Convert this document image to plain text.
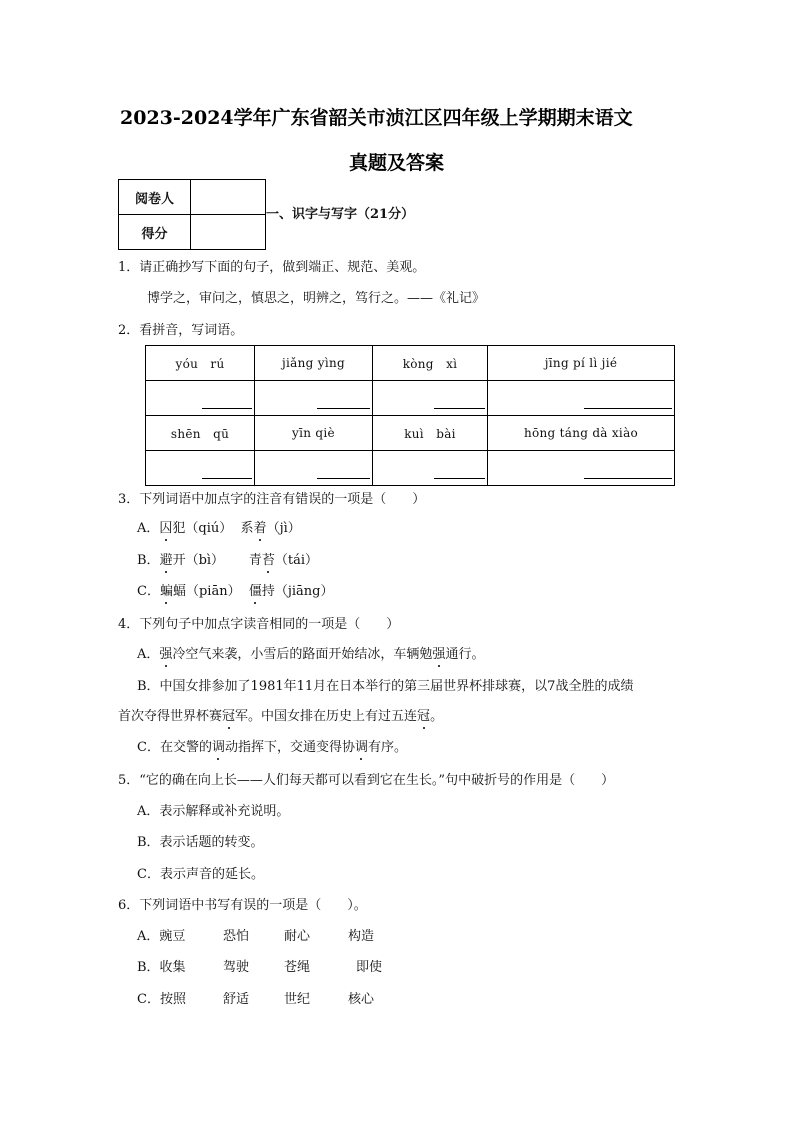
2023-2024学年广东省韶关市浈江区四年级上学期期末语文
真题及答案
阅卷人	
得分	
一、识字与写字（21分）
1．请正确抄写下面的句子，做到端正、规范、美观。
博学之，审问之，慎思之，明辨之，笃行之。——《礼记》
2．看拼音，写词语。
yóu　rú	jiǎng yìng	kòng　xì	jīng pí lì jié

shēn　qū	yīn qiè	kuì　bài	hōng táng dà xiào

3．下列词语中加点字的注音有错误的一项是（　　）
A．囚犯（qiú） 系着（jì）
B．避开（bì） 青苔（tái）
C．蝙蝠（piān） 僵持（jiāng）
4．下列句子中加点字读音相同的一项是（　　）
A．强冷空气来袭，小雪后的路面开始结冰，车辆勉强通行。
B．中国女排参加了1981年11月在日本举行的第三届世界杯排球赛，以7战全胜的成绩
首次夺得世界杯赛冠军。中国女排在历史上有过五连冠。
C．在交警的调动指挥下，交通变得协调有序。
5．“它的确在向上长——人们每天都可以看到它在生长。”句中破折号的作用是（　　）
A．表示解释或补充说明。
B．表示话题的转变。
C．表示声音的延长。
6．下列词语中书写有误的一项是（　　）。
A．豌豆	恐怕	耐心	构造
B．收集	驾驶	苍绳	即使
C．按照	舒适	世纪	核心
